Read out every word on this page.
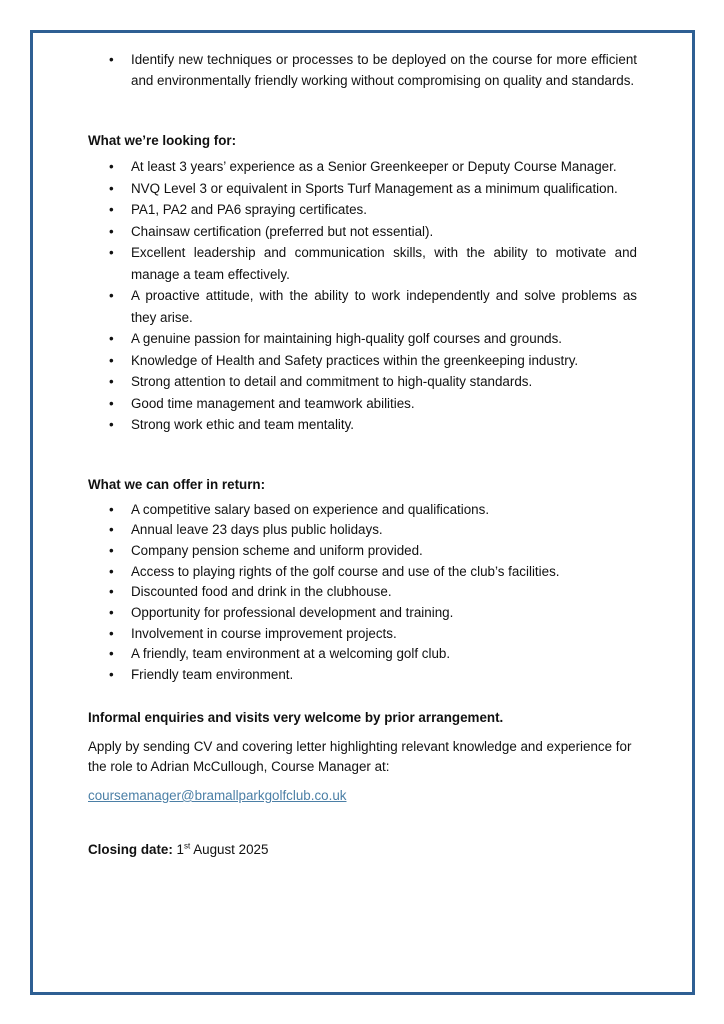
• Identify new techniques or processes to be deployed on the course for more efficient and environmentally friendly working without compromising on quality and standards.
What we’re looking for:
• At least 3 years’ experience as a Senior Greenkeeper or Deputy Course Manager.
• NVQ Level 3 or equivalent in Sports Turf Management as a minimum qualification.
• PA1, PA2 and PA6 spraying certificates.
• Chainsaw certification (preferred but not essential).
• Excellent leadership and communication skills, with the ability to motivate and manage a team effectively.
• A proactive attitude, with the ability to work independently and solve problems as they arise.
• A genuine passion for maintaining high-quality golf courses and grounds.
• Knowledge of Health and Safety practices within the greenkeeping industry.
• Strong attention to detail and commitment to high-quality standards.
• Good time management and teamwork abilities.
• Strong work ethic and team mentality.
What we can offer in return:
• A competitive salary based on experience and qualifications.
• Annual leave 23 days plus public holidays.
• Company pension scheme and uniform provided.
• Access to playing rights of the golf course and use of the club’s facilities.
• Discounted food and drink in the clubhouse.
• Opportunity for professional development and training.
• Involvement in course improvement projects.
• A friendly, team environment at a welcoming golf club.
• Friendly team environment.
Informal enquiries and visits very welcome by prior arrangement.
Apply by sending CV and covering letter highlighting relevant knowledge and experience for the role to Adrian McCullough, Course Manager at:
coursemanager@bramallparkgolfclub.co.uk
Closing date: 1st August 2025
